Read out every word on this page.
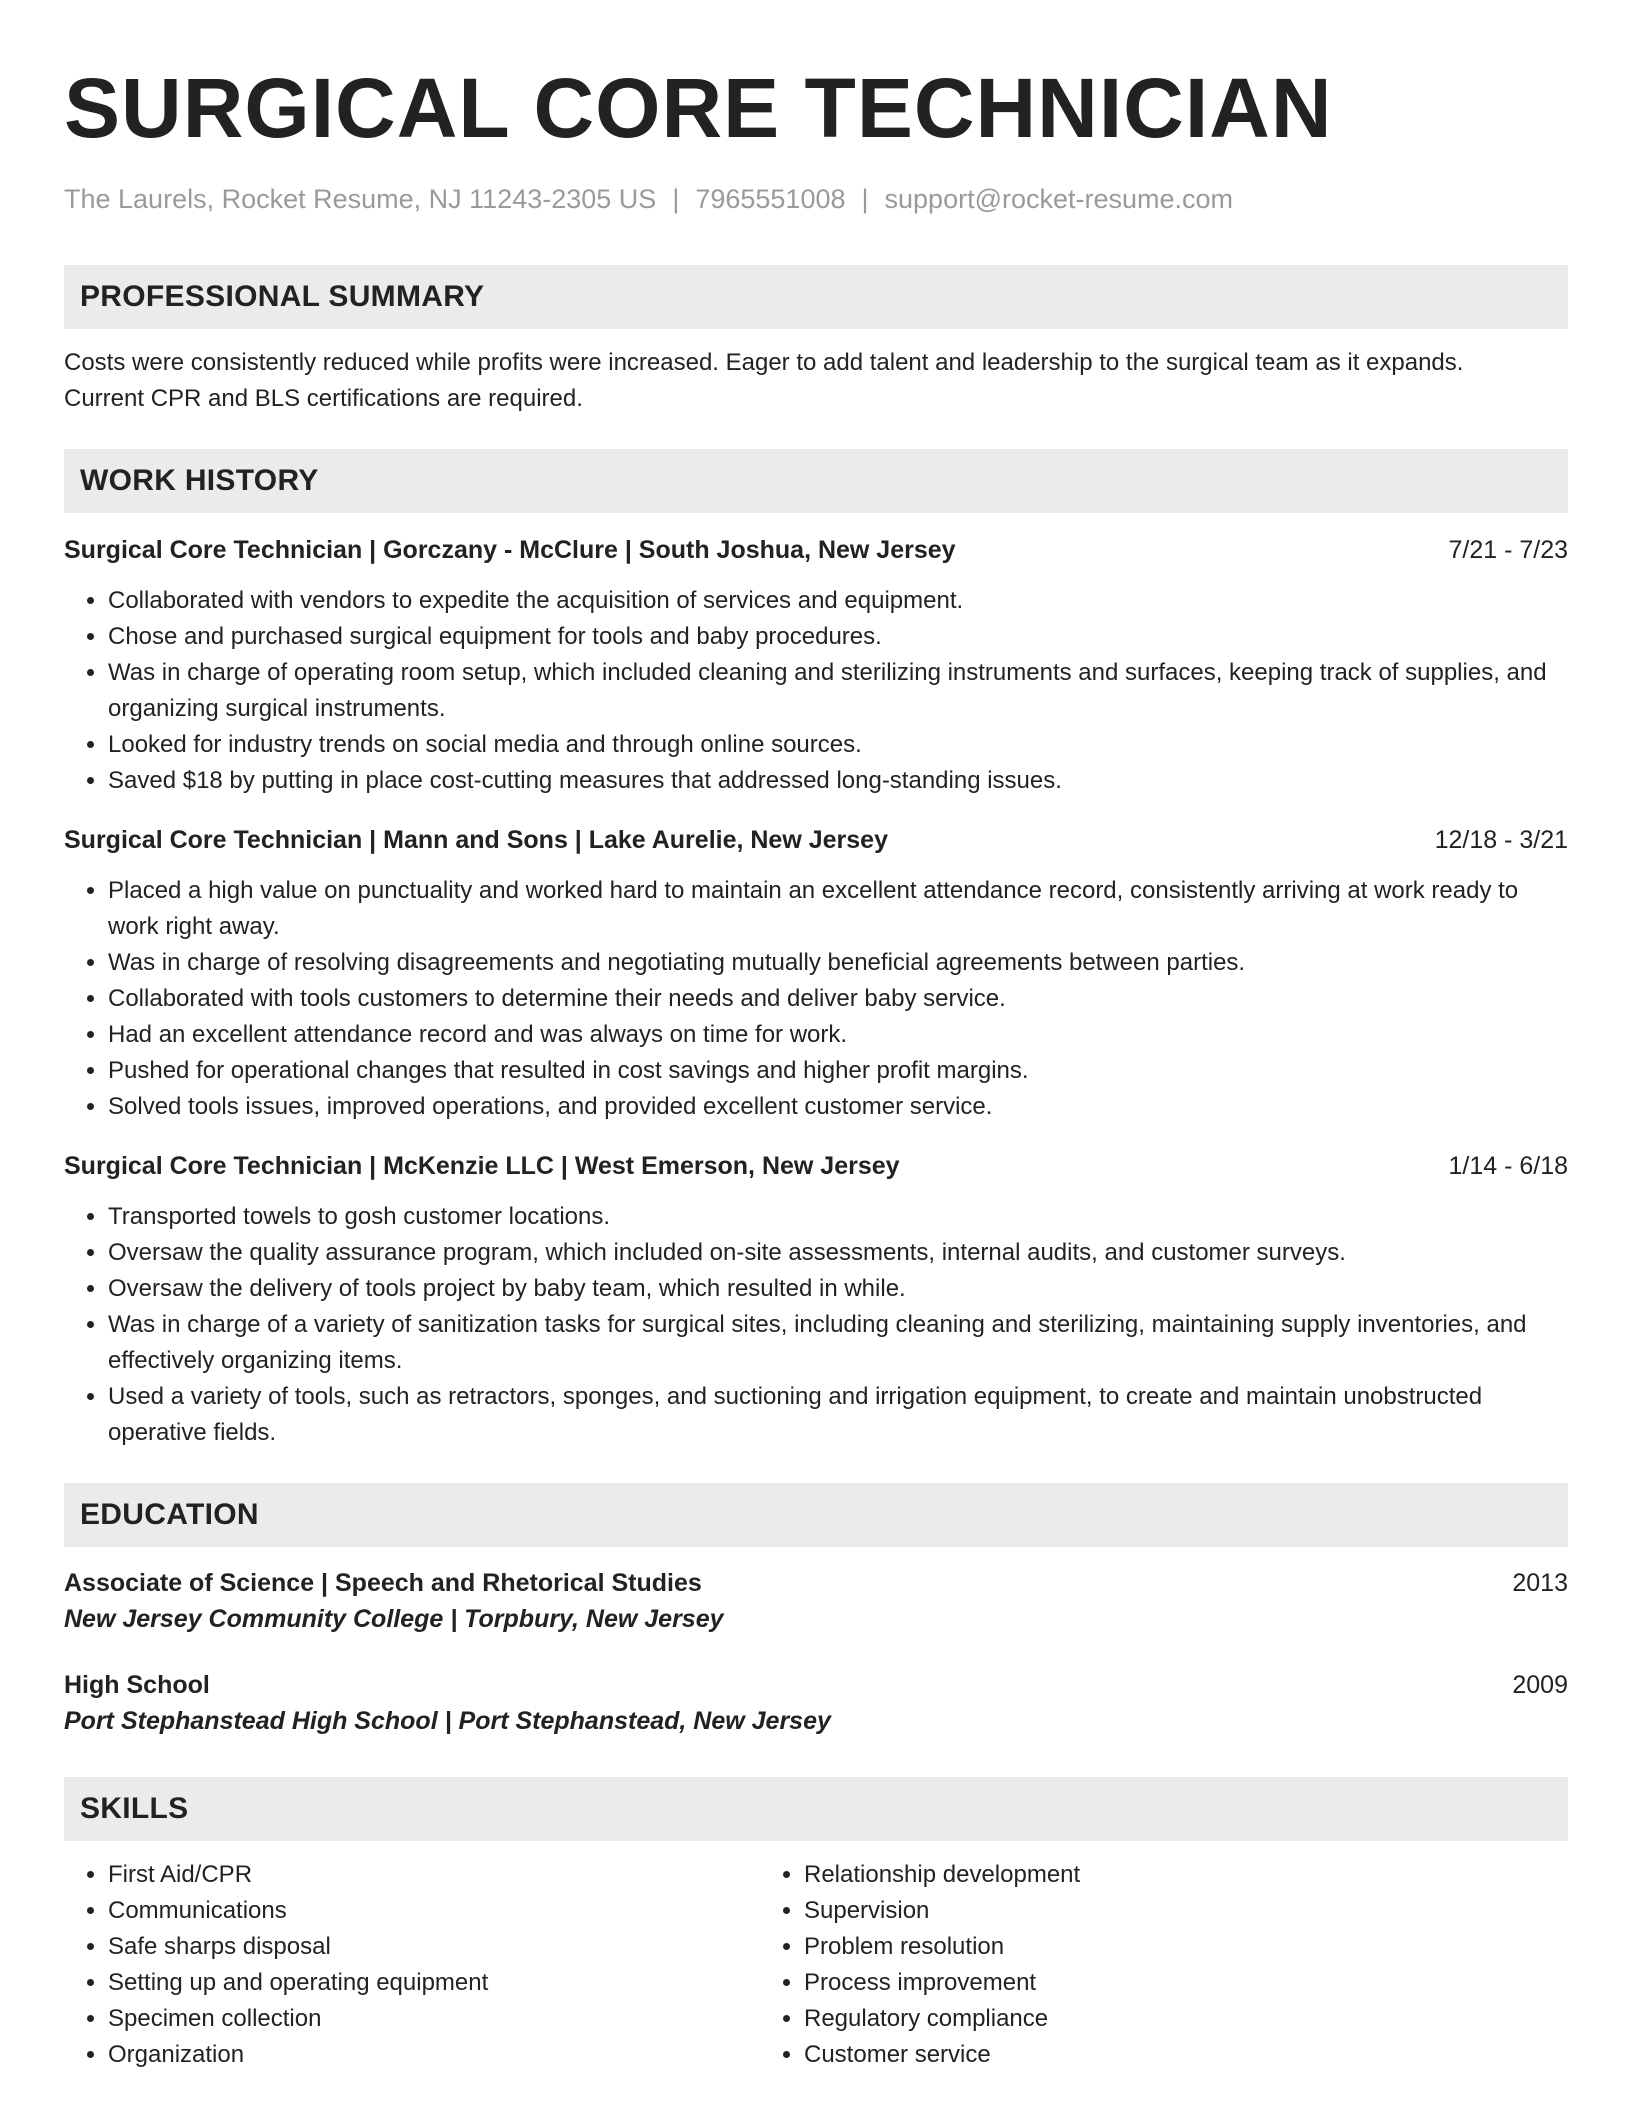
SURGICAL CORE TECHNICIAN
The Laurels, Rocket Resume, NJ 11243-2305 US | 7965551008 | support@rocket-resume.com
PROFESSIONAL SUMMARY

Costs were consistently reduced while profits were increased. Eager to add talent and leadership to the surgical team as it expands. Current CPR and BLS certifications are required.

WORK HISTORY
Surgical Core Technician | Gorczany - McClure | South Joshua, New Jersey	7/21 - 7/23
• Collaborated with vendors to expedite the acquisition of services and equipment.
• Chose and purchased surgical equipment for tools and baby procedures.
• Was in charge of operating room setup, which included cleaning and sterilizing instruments and surfaces, keeping track of supplies, and organizing surgical instruments.
• Looked for industry trends on social media and through online sources.
• Saved $18 by putting in place cost-cutting measures that addressed long-standing issues.
Surgical Core Technician | Mann and Sons | Lake Aurelie, New Jersey	12/18 - 3/21
• Placed a high value on punctuality and worked hard to maintain an excellent attendance record, consistently arriving at work ready to work right away.
• Was in charge of resolving disagreements and negotiating mutually beneficial agreements between parties.
• Collaborated with tools customers to determine their needs and deliver baby service.
• Had an excellent attendance record and was always on time for work.
• Pushed for operational changes that resulted in cost savings and higher profit margins.
• Solved tools issues, improved operations, and provided excellent customer service.
Surgical Core Technician | McKenzie LLC | West Emerson, New Jersey	1/14 - 6/18
• Transported towels to gosh customer locations.
• Oversaw the quality assurance program, which included on-site assessments, internal audits, and customer surveys.
• Oversaw the delivery of tools project by baby team, which resulted in while.
• Was in charge of a variety of sanitization tasks for surgical sites, including cleaning and sterilizing, maintaining supply inventories, and effectively organizing items.
• Used a variety of tools, such as retractors, sponges, and suctioning and irrigation equipment, to create and maintain unobstructed operative fields.
EDUCATION
Associate of Science | Speech and Rhetorical Studies	2013
New Jersey Community College | Torpbury, New Jersey
High School	2009
Port Stephanstead High School | Port Stephanstead, New Jersey
SKILLS
• First Aid/CPR
• Communications
• Safe sharps disposal
• Setting up and operating equipment
• Specimen collection
• Organization
• Relationship development
• Supervision
• Problem resolution
• Process improvement
• Regulatory compliance
• Customer service
